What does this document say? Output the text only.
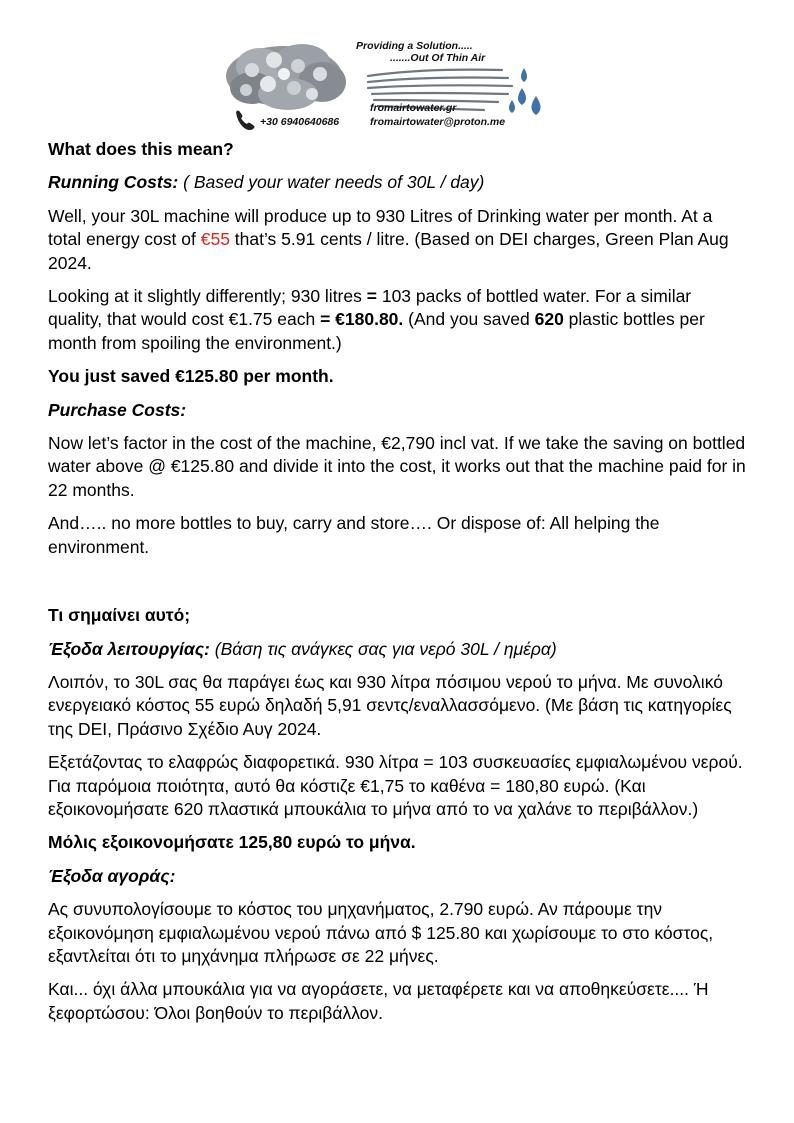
Providing a Solution.....
.......Out Of Thin Air
fromairtowater.gr
+30 6940640686	fromairtowater@proton.me

What does this mean?

Running Costs: ( Based your water needs of 30L / day)

Well, your 30L machine will produce up to 930 Litres of Drinking water per month. At a total energy cost of €55 that’s 5.91 cents / litre. (Based on DEI charges, Green Plan Aug 2024.

Looking at it slightly differently; 930 litres = 103 packs of bottled water. For a similar quality, that would cost €1.75 each = €180.80. (And you saved 620 plastic bottles per month from spoiling the environment.)

You just saved €125.80 per month.

Purchase Costs:

Now let’s factor in the cost of the machine, €2,790 incl vat. If we take the saving on bottled water above @ €125.80 and divide it into the cost, it works out that the machine paid for in 22 months.

And….. no more bottles to buy, carry and store…. Or dispose of: All helping the environment.

Τι σημαίνει αυτό;

Έξοδα λειτουργίας: (Βάση τις ανάγκες σας για νερό 30L / ημέρα)

Λοιπόν, το 30L σας θα παράγει έως και 930 λίτρα πόσιμου νερού το μήνα. Με συνολικό ενεργειακό κόστος 55 ευρώ δηλαδή 5,91 σεντς/εναλλασσόμενο. (Με βάση τις κατηγορίες της DEI, Πράσινο Σχέδιο Αυγ 2024.

Εξετάζοντας το ελαφρώς διαφορετικά. 930 λίτρα = 103 συσκευασίες εμφιαλωμένου νερού. Για παρόμοια ποιότητα, αυτό θα κόστιζε €1,75 το καθένα = 180,80 ευρώ. (Και εξοικονομήσατε 620 πλαστικά μπουκάλια το μήνα από το να χαλάνε το περιβάλλον.)

Μόλις εξοικονομήσατε 125,80 ευρώ το μήνα.

Έξοδα αγοράς:

Ας συνυπολογίσουμε το κόστος του μηχανήματος, 2.790 ευρώ. Αν πάρουμε την εξοικονόμηση εμφιαλωμένου νερού πάνω από $ 125.80 και χωρίσουμε το στο κόστος, εξαντλείται ότι το μηχάνημα πλήρωσε σε 22 μήνες.

Και... όχι άλλα μπουκάλια για να αγοράσετε, να μεταφέρετε και να αποθηκεύσετε.... Ή ξεφορτώσου: Όλοι βοηθούν το περιβάλλον.
